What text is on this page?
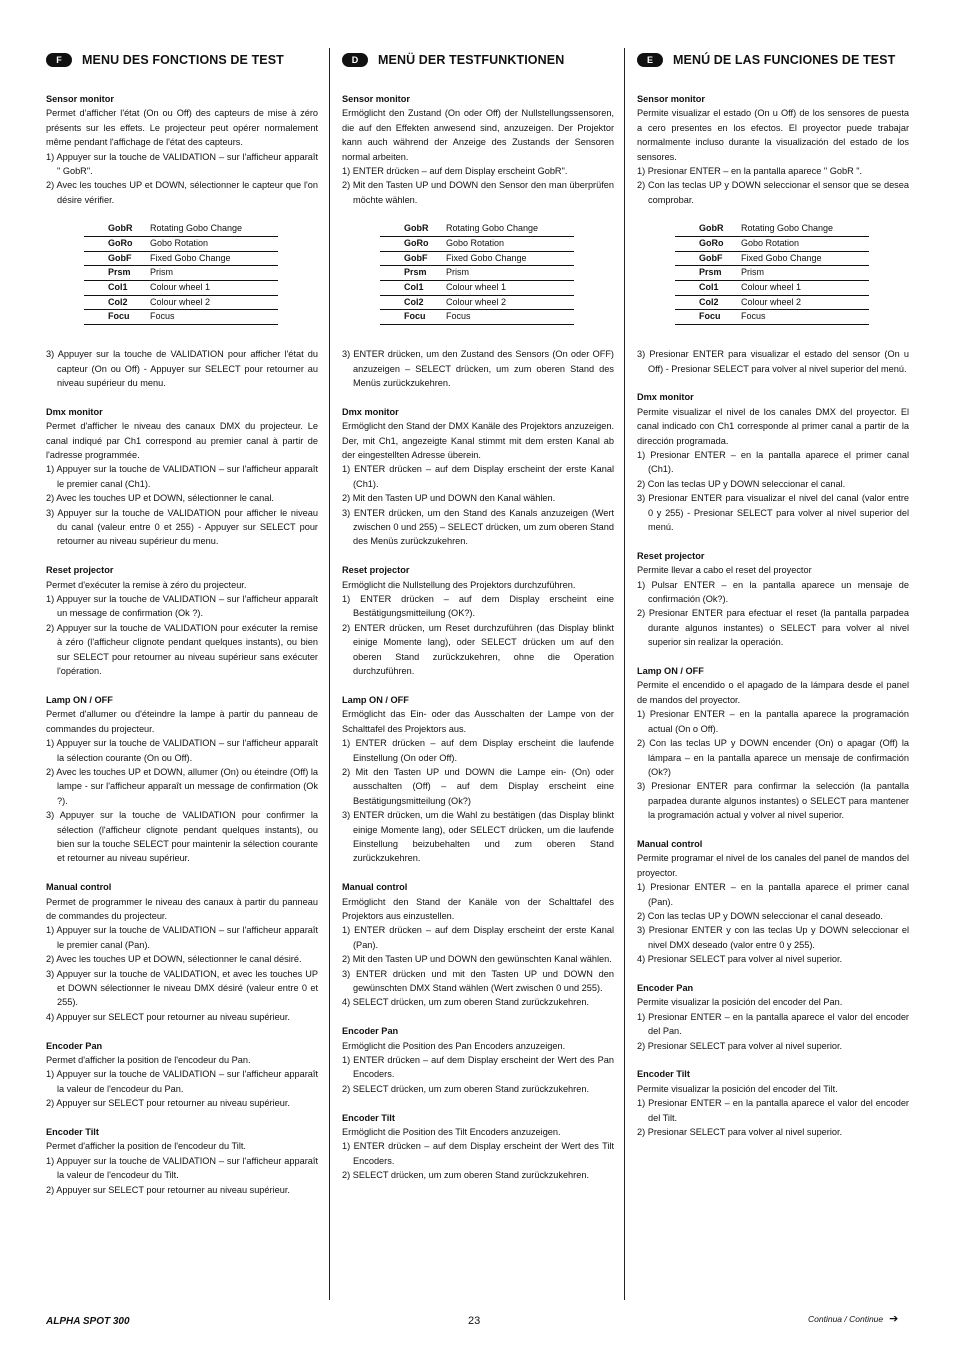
F	MENU DES FONCTIONS DE TEST
Sensor monitor

Permet d'afficher l'état (On ou Off) des capteurs de mise à zéro présents sur les effets. Le projecteur peut opérer normalement même pendant l'affichage de l'état des capteurs.

1) Appuyer sur la touche de VALIDATION – sur l'afficheur apparaît " GobR".
2) Avec les touches UP et DOWN, sélectionner le capteur que l'on désire vérifier.
GobR	Rotating Gobo Change
GoRo	Gobo Rotation
GobF	Fixed Gobo Change
Prsm	Prism
Col1	Colour wheel 1
Col2	Colour wheel 2
Focu	Focus
3) Appuyer sur la touche de VALIDATION pour afficher l'état du capteur (On ou Off) - Appuyer sur SELECT pour retourner au niveau supérieur du menu.
Dmx monitor

Permet d'afficher le niveau des canaux DMX du projecteur. Le canal indiqué par Ch1 correspond au premier canal à partir de l'adresse programmée.

1) Appuyer sur la touche de VALIDATION – sur l'afficheur apparaît le premier canal (Ch1).
2) Avec les touches UP et DOWN, sélectionner le canal.
3) Appuyer sur la touche de VALIDATION pour afficher le niveau du canal (valeur entre 0 et 255) - Appuyer sur SELECT pour retourner au niveau supérieur du menu.
Reset projector

Permet d'exécuter la remise à zéro du projecteur.

1) Appuyer sur la touche de VALIDATION – sur l'afficheur apparaît un message de confirmation (Ok ?).
2) Appuyer sur la touche de VALIDATION pour exécuter la remise à zéro (l'afficheur clignote pendant quelques instants), ou bien sur SELECT pour retourner au niveau supérieur sans exécuter l'opération.
Lamp ON / OFF

Permet d'allumer ou d'éteindre la lampe à partir du panneau de commandes du projecteur.

1) Appuyer sur la touche de VALIDATION – sur l'afficheur apparaît la sélection courante (On ou Off).
2) Avec les touches UP et DOWN, allumer (On) ou éteindre (Off) la lampe - sur l'afficheur apparaît un message de confirmation (Ok ?).
3) Appuyer sur la touche de VALIDATION pour confirmer la sélection (l'afficheur clignote pendant quelques instants), ou bien sur la touche SELECT pour maintenir la sélection courante et retourner au niveau supérieur.
Manual control

Permet de programmer le niveau des canaux à partir du panneau de commandes du projecteur.

1) Appuyer sur la touche de VALIDATION – sur l'afficheur apparaît le premier canal (Pan).
2) Avec les touches UP et DOWN, sélectionner le canal désiré.
3) Appuyer sur la touche de VALIDATION, et avec les touches UP et DOWN sélectionner le niveau DMX désiré (valeur entre 0 et 255).
4) Appuyer sur SELECT pour retourner au niveau supérieur.
Encoder Pan

Permet d'afficher la position de l'encodeur du Pan.

1) Appuyer sur la touche de VALIDATION – sur l'afficheur apparaît la valeur de l'encodeur du Pan.
2) Appuyer sur SELECT pour retourner au niveau supérieur.
Encoder Tilt

Permet d'afficher la position de l'encodeur du Tilt.

1) Appuyer sur la touche de VALIDATION – sur l'afficheur apparaît la valeur de l'encodeur du Tilt.
2) Appuyer sur SELECT pour retourner au niveau supérieur.
D	MENÜ DER TESTFUNKTIONEN
Sensor monitor

Ermöglicht den Zustand (On oder Off) der Nullstellungssensoren, die auf den Effekten anwesend sind, anzuzeigen. Der Projektor kann auch während der Anzeige des Zustands der Sensoren normal arbeiten.

1) ENTER drücken – auf dem Display erscheint GobR".
2) Mit den Tasten UP und DOWN den Sensor den man überprüfen möchte wählen.
GobR	Rotating Gobo Change
GoRo	Gobo Rotation
GobF	Fixed Gobo Change
Prsm	Prism
Col1	Colour wheel 1
Col2	Colour wheel 2
Focu	Focus
3) ENTER drücken, um den Zustand des Sensors (On oder OFF) anzuzeigen – SELECT drücken, um zum oberen Stand des Menüs zurückzukehren.
Dmx monitor

Ermöglicht den Stand der DMX Kanäle des Projektors anzuzeigen. Der, mit Ch1, angezeigte Kanal stimmt mit dem ersten Kanal ab der eingestellten Adresse überein.

1) ENTER drücken – auf dem Display erscheint der erste Kanal (Ch1).
2) Mit den Tasten UP und DOWN den Kanal wählen.
3) ENTER drücken, um den Stand des Kanals anzuzeigen (Wert zwischen 0 und 255) – SELECT drücken, um zum oberen Stand des Menüs zurückzukehren.
Reset projector

Ermöglicht die Nullstellung des Projektors durchzuführen.

1) ENTER drücken – auf dem Display erscheint eine Bestätigungsmitteilung (OK?).
2) ENTER drücken, um Reset durchzuführen (das Display blinkt einige Momente lang), oder SELECT drücken um auf den oberen Stand zurückzukehren, ohne die Operation durchzuführen.
Lamp ON / OFF

Ermöglicht das Ein- oder das Ausschalten der Lampe von der Schalttafel des Projektors aus.

1) ENTER drücken – auf dem Display erscheint die laufende Einstellung (On oder Off).
2) Mit den Tasten UP und DOWN die Lampe ein- (On) oder ausschalten (Off) – auf dem Display erscheint eine Bestätigungsmitteilung (Ok?)
3) ENTER drücken, um die Wahl zu bestätigen (das Display blinkt einige Momente lang), oder SELECT drücken, um die laufende Einstellung beizubehalten und zum oberen Stand zurückzukehren.
Manual control

Ermöglicht den Stand der Kanäle von der Schalttafel des Projektors aus einzustellen.

1) ENTER drücken – auf dem Display erscheint der erste Kanal (Pan).
2) Mit den Tasten UP und DOWN den gewünschten Kanal wählen.
3) ENTER drücken und mit den Tasten UP und DOWN den gewünschten DMX Stand wählen (Wert zwischen 0 und 255).
4) SELECT drücken, um zum oberen Stand zurückzukehren.
Encoder Pan

Ermöglicht die Position des Pan Encoders anzuzeigen.

1) ENTER drücken – auf dem Display erscheint der Wert des Pan Encoders.
2) SELECT drücken, um zum oberen Stand zurückzukehren.
Encoder Tilt

Ermöglicht die Position des Tilt Encoders anzuzeigen.

1) ENTER drücken – auf dem Display erscheint der Wert des Tilt Encoders.
2) SELECT drücken, um zum oberen Stand zurückzukehren.
E	MENÚ DE LAS FUNCIONES DE TEST
Sensor monitor

Permite visualizar el estado (On u Off) de los sensores de puesta a cero presentes en los efectos. El proyector puede trabajar normalmente incluso durante la visualización del estado de los sensores.

1) Presionar ENTER – en la pantalla aparece " GobR ".
2) Con las teclas UP y DOWN seleccionar el sensor que se desea comprobar.
GobR	Rotating Gobo Change
GoRo	Gobo Rotation
GobF	Fixed Gobo Change
Prsm	Prism
Col1	Colour wheel 1
Col2	Colour wheel 2
Focu	Focus
3) Presionar ENTER para visualizar el estado del sensor (On u Off) - Presionar SELECT para volver al nivel superior del menú.
Dmx monitor

Permite visualizar el nivel de los canales DMX del proyector. El canal indicado con Ch1 corresponde al primer canal a partir de la dirección programada.

1) Presionar ENTER – en la pantalla aparece el primer canal (Ch1).
2) Con las teclas UP y DOWN seleccionar el canal.
3) Presionar ENTER para visualizar el nivel del canal (valor entre 0 y 255) - Presionar SELECT para volver al nivel superior del menú.
Reset projector

Permite llevar a cabo el reset del proyector

1) Pulsar ENTER – en la pantalla aparece un mensaje de confirmación (Ok?).
2) Presionar ENTER para efectuar el reset (la pantalla parpadea durante algunos instantes) o SELECT para volver al nivel superior sin realizar la operación.
Lamp ON / OFF

Permite el encendido o el apagado de la lámpara desde el panel de mandos del proyector.

1) Presionar ENTER – en la pantalla aparece la programación actual (On o Off).
2) Con las teclas UP y DOWN encender (On) o apagar (Off) la lámpara – en la pantalla aparece un mensaje de confirmación (Ok?)
3) Presionar ENTER para confirmar la selección (la pantalla parpadea durante algunos instantes) o SELECT para mantener la programación actual y volver al nivel superior.
Manual control

Permite programar el nivel de los canales del panel de mandos del proyector.

1) Presionar ENTER – en la pantalla aparece el primer canal (Pan).
2) Con las teclas UP y DOWN seleccionar el canal deseado.
3) Presionar ENTER y con las teclas Up y DOWN seleccionar el nivel DMX deseado (valor entre 0 y 255).
4) Presionar SELECT para volver al nivel superior.
Encoder Pan

Permite visualizar la posición del encoder del Pan.

1) Presionar ENTER – en la pantalla aparece el valor del encoder del Pan.
2) Presionar SELECT para volver al nivel superior.
Encoder Tilt

Permite visualizar la posición del encoder del Tilt.

1) Presionar ENTER – en la pantalla aparece el valor del encoder del Tilt.
2) Presionar SELECT para volver al nivel superior.
ALPHA SPOT 300	23	Continua / Continue ➔
